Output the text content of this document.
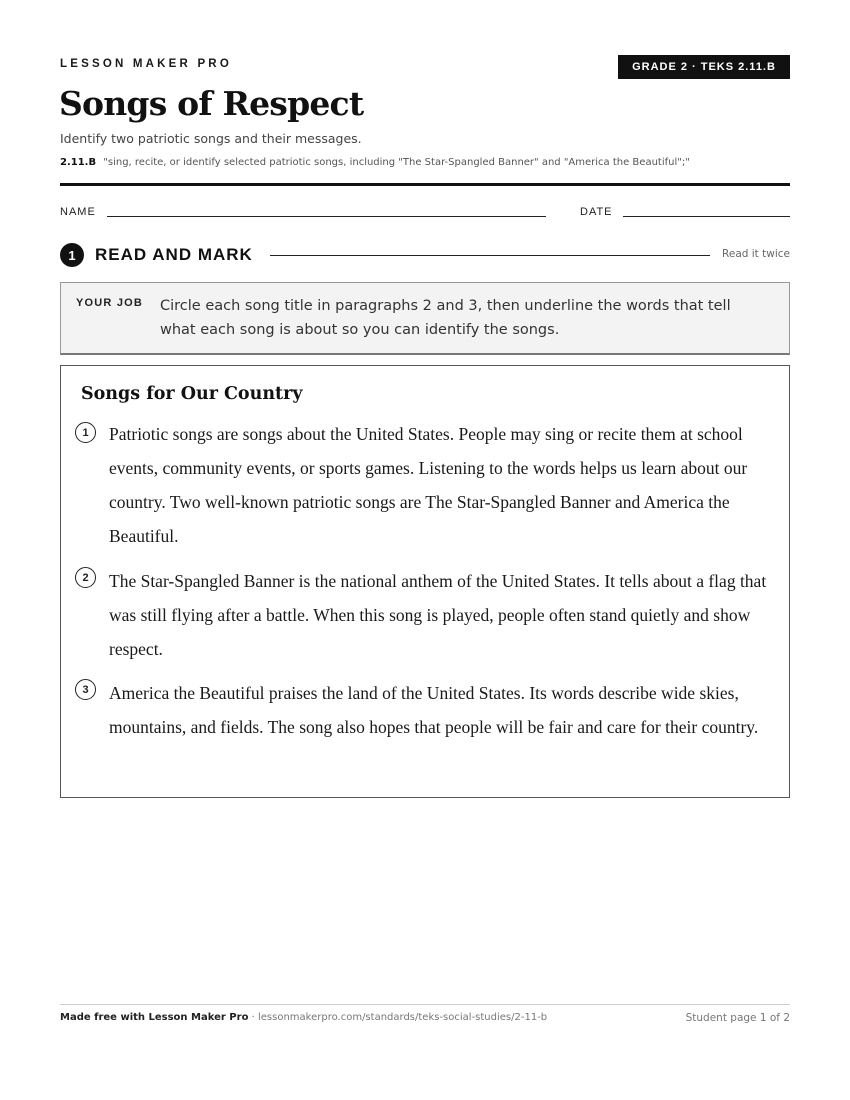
LESSON MAKER PRO	GRADE 2 · TEKS 2.11.B
Songs of Respect
Identify two patriotic songs and their messages.
2.11.B "sing, recite, or identify selected patriotic songs, including "The Star-Spangled Banner" and "America the Beautiful";"
NAME	DATE
1	READ AND MARK	Read it twice
YOUR JOB Circle each song title in paragraphs 2 and 3, then underline the words that tell what each song is about so you can identify the songs.
Songs for Our Country
1	Patriotic songs are songs about the United States. People may sing or recite them at school events, community events, or sports games. Listening to the words helps us learn about our country. Two well-known patriotic songs are The Star-Spangled Banner and America the Beautiful.
2	The Star-Spangled Banner is the national anthem of the United States. It tells about a flag that was still flying after a battle. When this song is played, people often stand quietly and show respect.
3	America the Beautiful praises the land of the United States. Its words describe wide skies, mountains, and fields. The song also hopes that people will be fair and care for their country.
Made free with Lesson Maker Pro · lessonmakerpro.com/standards/teks-social-studies/2-11-b	Student page 1 of 2
